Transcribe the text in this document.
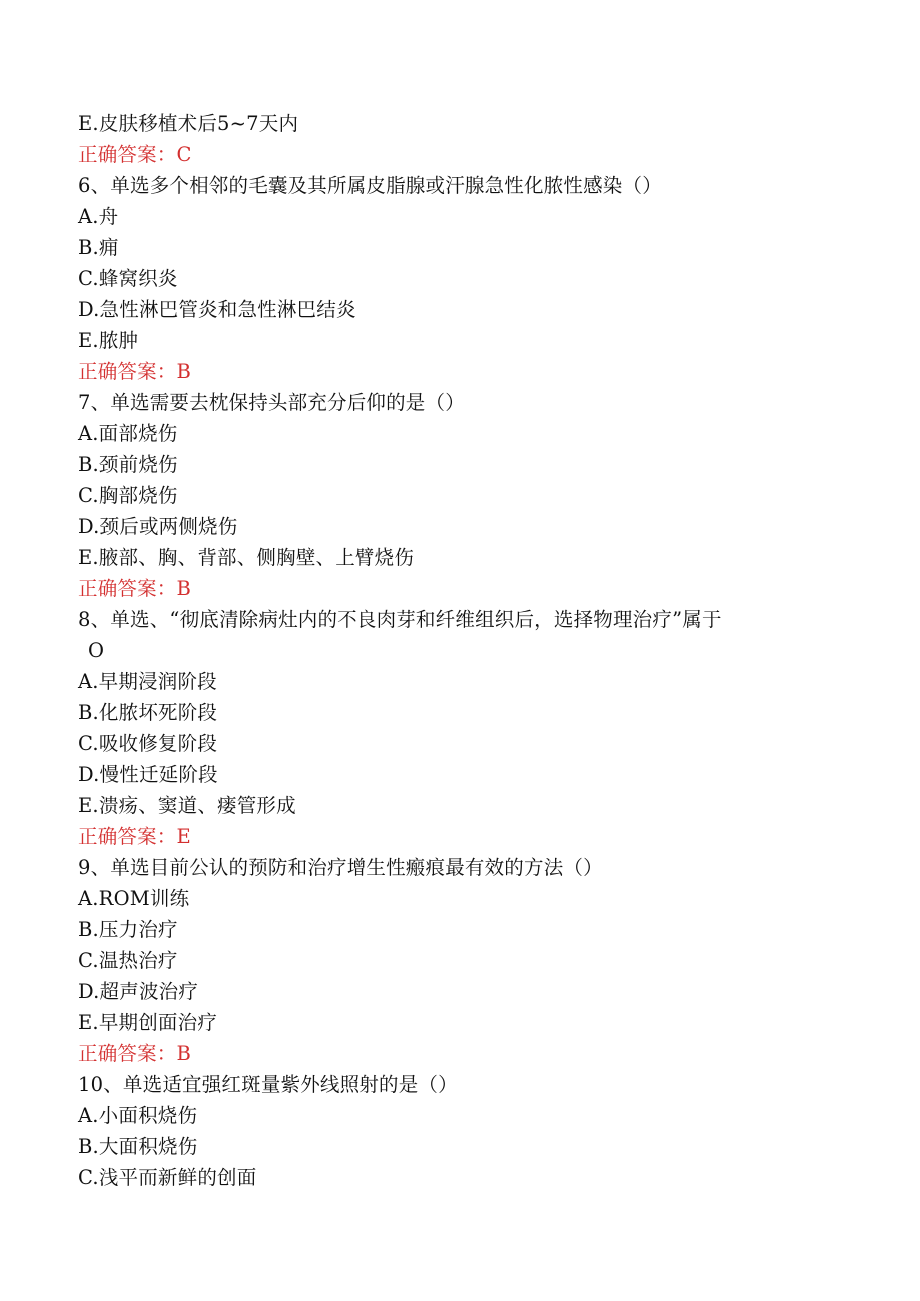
E.皮肤移植术后5~7天内
正确答案：C
6、单选多个相邻的毛囊及其所属皮脂腺或汗腺急性化脓性感染（）
A.舟
B.痈
C.蜂窝织炎
D.急性淋巴管炎和急性淋巴结炎
E.脓肿
正确答案：B
7、单选需要去枕保持头部充分后仰的是（）
A.面部烧伤
B.颈前烧伤
C.胸部烧伤
D.颈后或两侧烧伤
E.腋部、胸、背部、侧胸壁、上臂烧伤
正确答案：B
8、单选、“彻底清除病灶内的不良肉芽和纤维组织后，选择物理治疗”属于
O
A.早期浸润阶段
B.化脓坏死阶段
C.吸收修复阶段
D.慢性迁延阶段
E.溃疡、窦道、瘘管形成
正确答案：E
9、单选目前公认的预防和治疗增生性瘢痕最有效的方法（）
A.ROM训练
B.压力治疗
C.温热治疗
D.超声波治疗
E.早期创面治疗
正确答案：B
10、单选适宜强红斑量紫外线照射的是（）
A.小面积烧伤
B.大面积烧伤
C.浅平而新鲜的创面
